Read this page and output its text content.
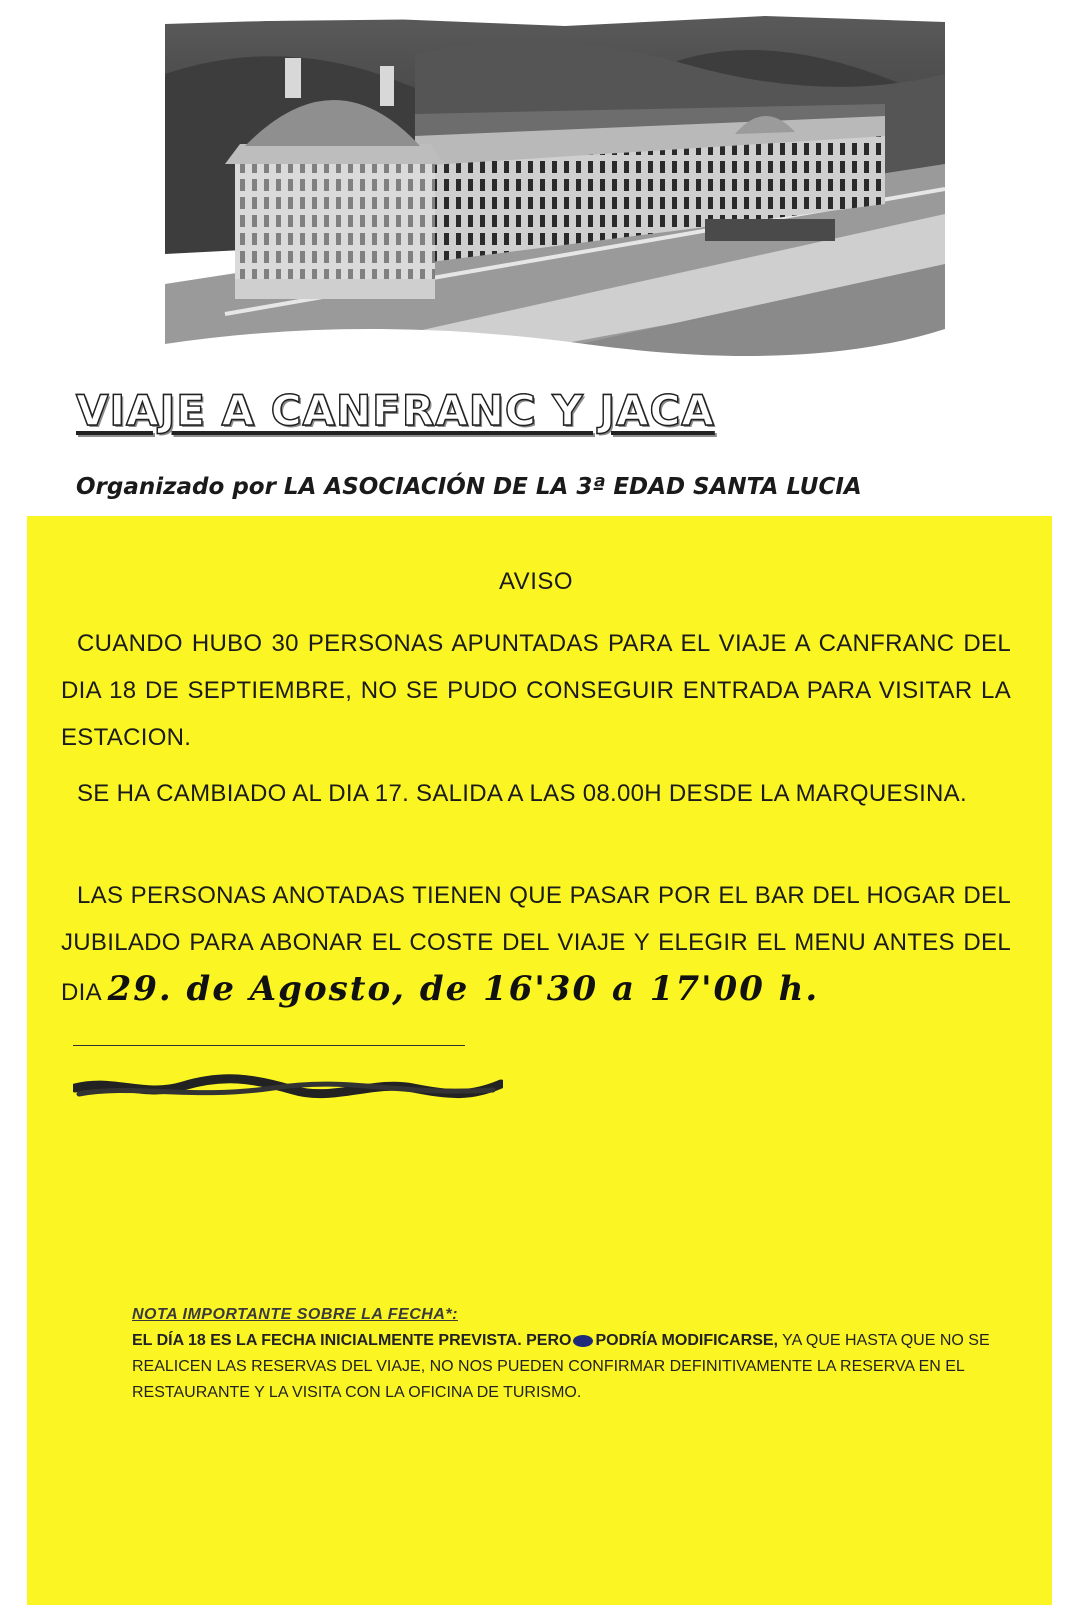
VIAJE A CANFRANC Y JACA
Organizado por LA ASOCIACIÓN DE LA 3ª EDAD SANTA LUCIA
AVISO

CUANDO HUBO 30 PERSONAS APUNTADAS PARA EL VIAJE A CANFRANC DEL DIA 18 DE SEPTIEMBRE, NO SE PUDO CONSEGUIR ENTRADA PARA VISITAR LA ESTACION.

SE HA CAMBIADO AL DIA 17. SALIDA A LAS 08.00H DESDE LA MARQUESINA.

LAS PERSONAS ANOTADAS TIENEN QUE PASAR POR EL BAR DEL HOGAR DEL JUBILADO PARA ABONAR EL COSTE DEL VIAJE Y ELEGIR EL MENU ANTES DEL DIA 29. de Agosto, de 16'30 a 17'00 h.

NOTA IMPORTANTE SOBRE LA FECHA*:

EL DÍA 18 ES LA FECHA INICIALMENTE PREVISTA. PERO PODRÍA MODIFICARSE, YA QUE HASTA QUE NO SE REALICEN LAS RESERVAS DEL VIAJE, NO NOS PUEDEN CONFIRMAR DEFINITIVAMENTE LA RESERVA EN EL RESTAURANTE Y LA VISITA CON LA OFICINA DE TURISMO.
